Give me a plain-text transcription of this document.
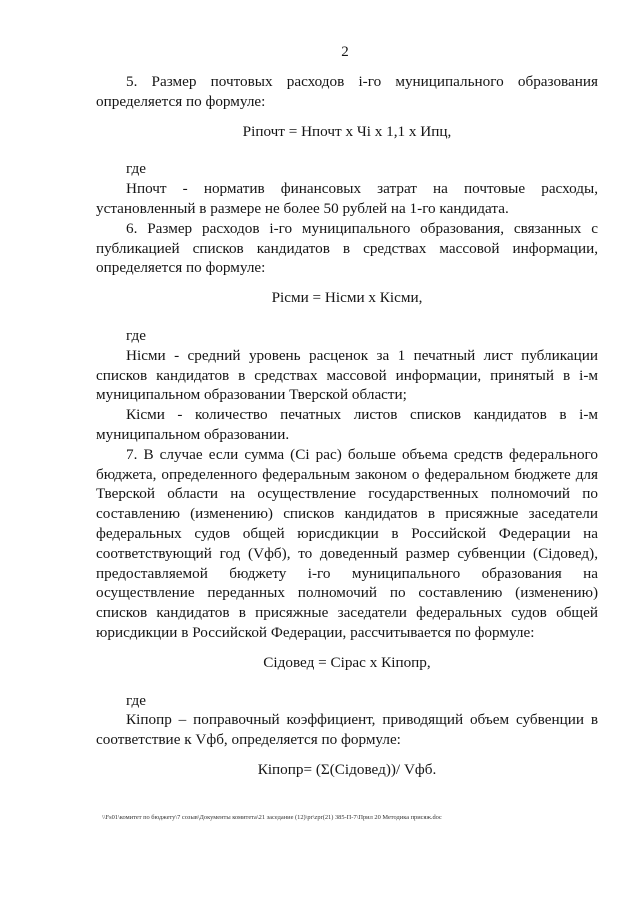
2

5. Размер почтовых расходов i-го муниципального образования определяется по формуле:

Piпочт = Нпочт х Чi х 1,1 х Ипц,

где

Нпочт - норматив финансовых затрат на почтовые расходы, установленный в размере не более 50 рублей на 1-го кандидата.

6. Размер расходов i-го муниципального образования, связанных с публикацией списков кандидатов в средствах массовой информации, определяется по формуле:

Piсми = Нiсми х Кiсми,

где

Нiсми - средний уровень расценок за 1 печатный лист публикации списков кандидатов в средствах массовой информации, принятый в i-м муниципальном образовании Тверской области;

Кiсми - количество печатных листов списков кандидатов в i-м муниципальном образовании.

7. В случае если сумма (Ci рас) больше объема средств федерального бюджета, определенного федеральным законом о федеральном бюджете для Тверской области на осуществление государственных полномочий по составлению (изменению) списков кандидатов в присяжные заседатели федеральных судов общей юрисдикции в Российской Федерации на соответствующий год (Vфб), то доведенный размер субвенции (Ciдовед), предоставляемой бюджету i-го муниципального образования на осуществление переданных полномочий по составлению (изменению) списков кандидатов в присяжные заседатели федеральных судов общей юрисдикции в Российской Федерации, рассчитывается по формуле:

Ciдовед = Ciрас х Кiпопр,

где

Кiпопр – поправочный коэффициент, приводящий объем субвенции в соответствие к Vфб, определяется по формуле:

Кiпопр= (Σ(Ciдовед))/ Vфб.

\\Fs01\комитет по бюджету\7 созыв\Документы комитета\21 заседание (12)\pr\zpr(21) 385-П-7\Прил 20 Методика присяж.doc
